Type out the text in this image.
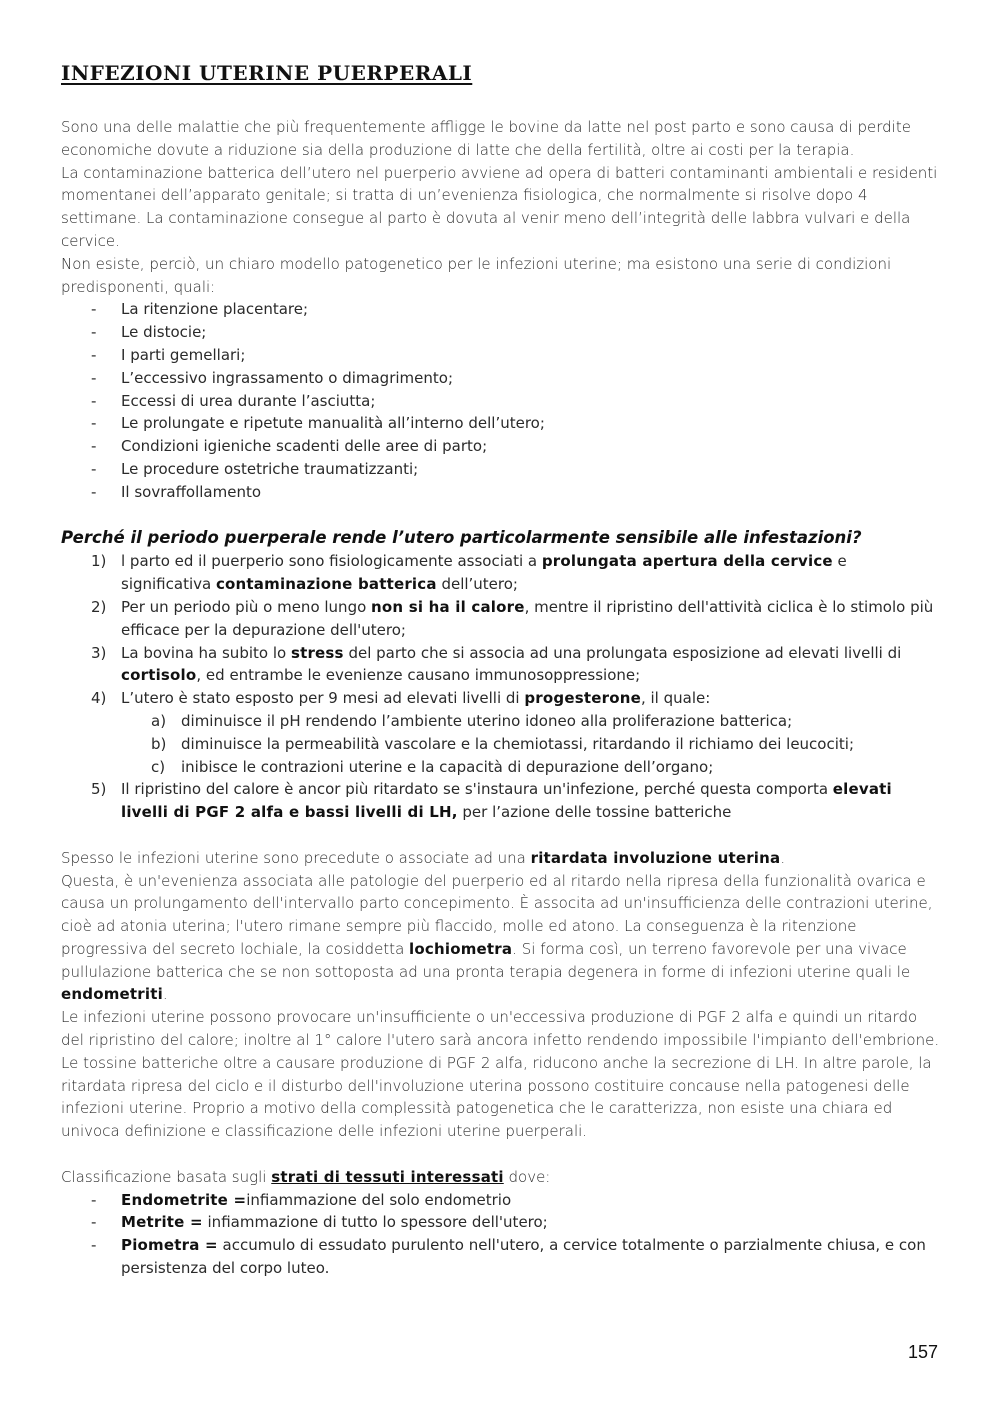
INFEZIONI UTERINE PUERPERALI

Sono una delle malattie che più frequentemente affligge le bovine da latte nel post parto e sono causa di perdite economiche dovute a riduzione sia della produzione di latte che della fertilità, oltre ai costi per la terapia.

La contaminazione batterica dell’utero nel puerperio avviene ad opera di batteri contaminanti ambientali e residenti momentanei dell’apparato genitale; si tratta di un’evenienza fisiologica, che normalmente si risolve dopo 4 settimane. La contaminazione consegue al parto è dovuta al venir meno dell’integrità delle labbra vulvari e della cervice.

Non esiste, perciò, un chiaro modello patogenetico per le infezioni uterine; ma esistono una serie di condizioni predisponenti, quali:

- La ritenzione placentare;
- Le distocie;
- I parti gemellari;
- L’eccessivo ingrassamento o dimagrimento;
- Eccessi di urea durante l’asciutta;
- Le prolungate e ripetute manualità all’interno dell’utero;
- Condizioni igieniche scadenti delle aree di parto;
- Le procedure ostetriche traumatizzanti;
- Il sovraffollamento

Perché il periodo puerperale rende l’utero particolarmente sensibile alle infestazioni?

1) l parto ed il puerperio sono fisiologicamente associati a prolungata apertura della cervice e significativa contaminazione batterica dell’utero;
2) Per un periodo più o meno lungo non si ha il calore, mentre il ripristino dell'attività ciclica è lo stimolo più efficace per la depurazione dell'utero;
3) La bovina ha subito lo stress del parto che si associa ad una prolungata esposizione ad elevati livelli di cortisolo, ed entrambe le evenienze causano immunosoppressione;
4) L’utero è stato esposto per 9 mesi ad elevati livelli di progesterone, il quale:
a) diminuisce il pH rendendo l’ambiente uterino idoneo alla proliferazione batterica;
b) diminuisce la permeabilità vascolare e la chemiotassi, ritardando il richiamo dei leucociti;
c) inibisce le contrazioni uterine e la capacità di depurazione dell’organo;
5) Il ripristino del calore è ancor più ritardato se s'instaura un'infezione, perché questa comporta elevati livelli di PGF 2 alfa e bassi livelli di LH, per l’azione delle tossine batteriche

Spesso le infezioni uterine sono precedute o associate ad una ritardata involuzione uterina.

Questa, è un'evenienza associata alle patologie del puerperio ed al ritardo nella ripresa della funzionalità ovarica e causa un prolungamento dell'intervallo parto concepimento. È associta ad un'insufficienza delle contrazioni uterine, cioè ad atonia uterina; l'utero rimane sempre più flaccido, molle ed atono. La conseguenza è la ritenzione progressiva del secreto lochiale, la cosiddetta lochiometra. Si forma così, un terreno favorevole per una vivace pullulazione batterica che se non sottoposta ad una pronta terapia degenera in forme di infezioni uterine quali le endometriti.

Le infezioni uterine possono provocare un'insufficiente o un'eccessiva produzione di PGF 2 alfa e quindi un ritardo del ripristino del calore; inoltre al 1° calore l'utero sarà ancora infetto rendendo impossibile l'impianto dell'embrione. Le tossine batteriche oltre a causare produzione di PGF 2 alfa, riducono anche la secrezione di LH. In altre parole, la ritardata ripresa del ciclo e il disturbo dell'involuzione uterina possono costituire concause nella patogenesi delle infezioni uterine. Proprio a motivo della complessità patogenetica che le caratterizza, non esiste una chiara ed univoca definizione e classificazione delle infezioni uterine puerperali.

Classificazione basata sugli strati di tessuti interessati dove:

- Endometrite =infiammazione del solo endometrio
- Metrite = infiammazione di tutto lo spessore dell'utero;
- Piometra = accumulo di essudato purulento nell'utero, a cervice totalmente o parzialmente chiusa, e con persistenza del corpo luteo.
157
